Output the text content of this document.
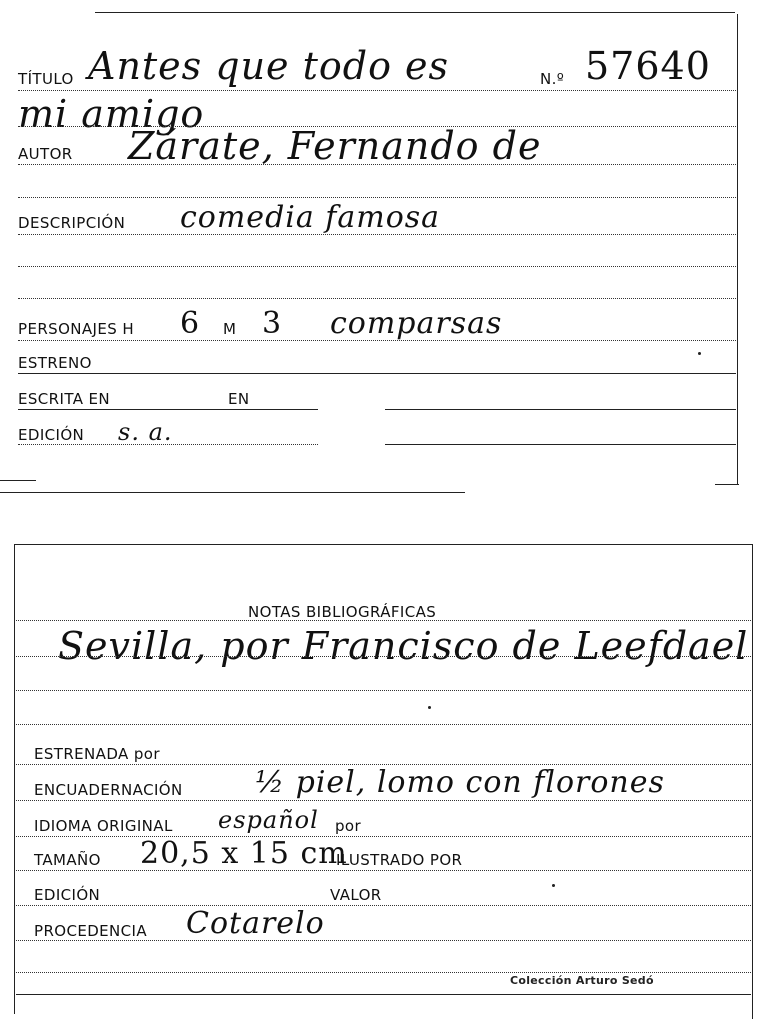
TÍTULO Antes que todo es	N.º 57640
mi amigo
AUTOR Zárate, Fernando de
DESCRIPCIÓN comedia famosa
PERSONAJES H 6 M 3 comparsas
ESTRENO
ESCRITA EN	EN
EDICIÓN s. a.
NOTAS BIBLIOGRÁFICAS
Sevilla, por Francisco de Leefdael
ESTRENADA por
ENCUADERNACIÓN ½ piel, lomo con florones
IDIOMA ORIGINAL español por
TAMAÑO 20,5 x 15 cm
ILUSTRADO POR
EDICIÓN	VALOR
PROCEDENCIA Cotarelo
Colección Arturo Sedó
